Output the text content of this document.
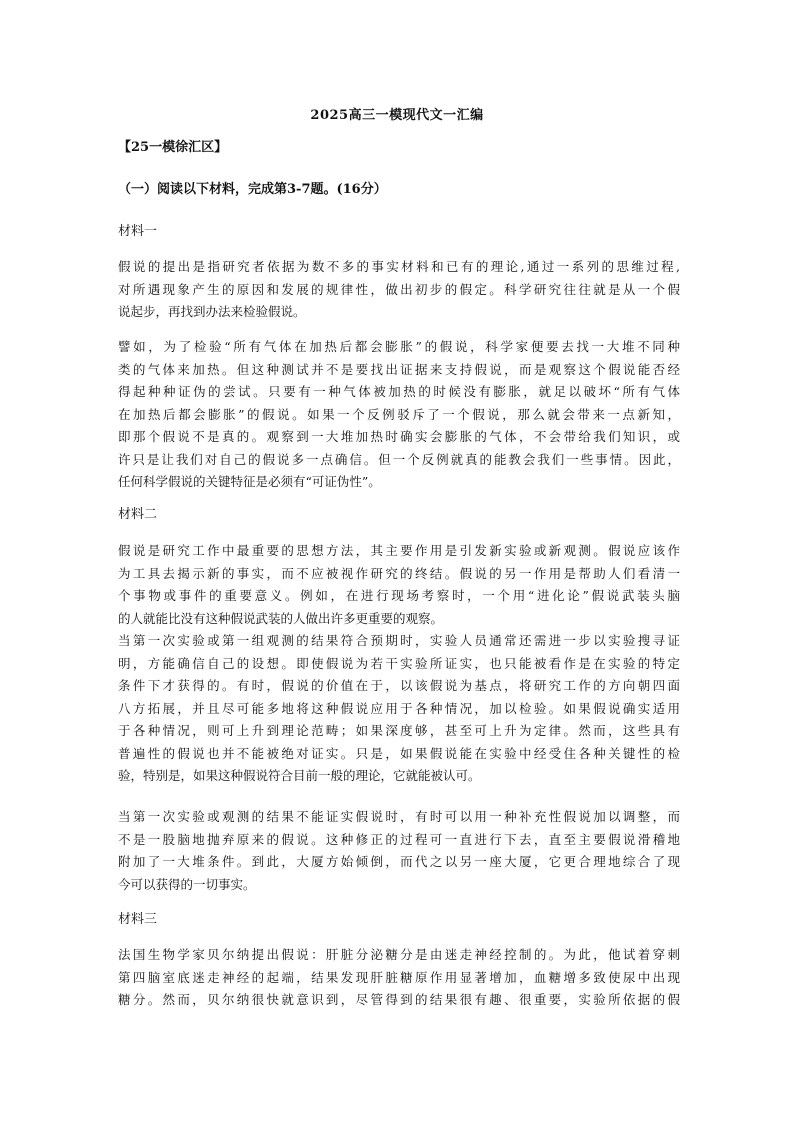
2025高三一模现代文一汇编
【25一模徐汇区】
（一）阅读以下材料，完成第3-7题。(16分）
材料一
假说的提出是指研究者依据为数不多的事实材料和已有的理论,通过一系列的思维过程,
对所遇现象产生的原因和发展的规律性，做出初步的假定。科学研究往往就是从一个假
说起步，再找到办法来检验假说。
譬如，为了检验“所有气体在加热后都会膨胀”的假说，科学家便要去找一大堆不同种
类的气体来加热。但这种测试并不是要找出证据来支持假说，而是观察这个假说能否经
得起种种证伪的尝试。只要有一种气体被加热的时候没有膨胀，就足以破坏“所有气体
在加热后都会膨胀”的假说。如果一个反例驳斥了一个假说，那么就会带来一点新知，
即那个假说不是真的。观察到一大堆加热时确实会膨胀的气体，不会带给我们知识，或
许只是让我们对自己的假说多一点确信。但一个反例就真的能教会我们一些事情。因此，
任何科学假说的关键特征是必须有“可证伪性”。
材料二
假说是研究工作中最重要的思想方法，其主要作用是引发新实验或新观测。假说应该作
为工具去揭示新的事实，而不应被视作研究的终结。假说的另一作用是帮助人们看清一
个事物或事件的重要意义。例如，在进行现场考察时，一个用“进化论”假说武装头脑
的人就能比没有这种假说武装的人做出许多更重要的观察。
当第一次实验或第一组观测的结果符合预期时，实验人员通常还需进一步以实验搜寻证
明，方能确信自己的设想。即使假说为若干实验所证实，也只能被看作是在实验的特定
条件下才获得的。有时，假说的价值在于，以该假说为基点，将研究工作的方向朝四面
八方拓展，并且尽可能多地将这种假说应用于各种情况，加以检验。如果假说确实适用
于各种情况，则可上升到理论范畴；如果深度够，甚至可上升为定律。然而，这些具有
普遍性的假说也并不能被绝对证实。只是，如果假说能在实验中经受住各种关键性的检
验，特别是，如果这种假说符合目前一般的理论，它就能被认可。
当第一次实验或观测的结果不能证实假说时，有时可以用一种补充性假说加以调整，而
不是一股脑地抛弃原来的假说。这种修正的过程可一直进行下去，直至主要假说滑稽地
附加了一大堆条件。到此，大厦方始倾倒，而代之以另一座大厦，它更合理地综合了现
今可以获得的一切事实。
材料三
法国生物学家贝尔纳提出假说：肝脏分泌糖分是由迷走神经控制的。为此，他试着穿刺
第四脑室底迷走神经的起端，结果发现肝脏糖原作用显著增加，血糖增多致使尿中出现
糖分。然而，贝尔纳很快就意识到，尽管得到的结果很有趣、很重要，实验所依据的假
